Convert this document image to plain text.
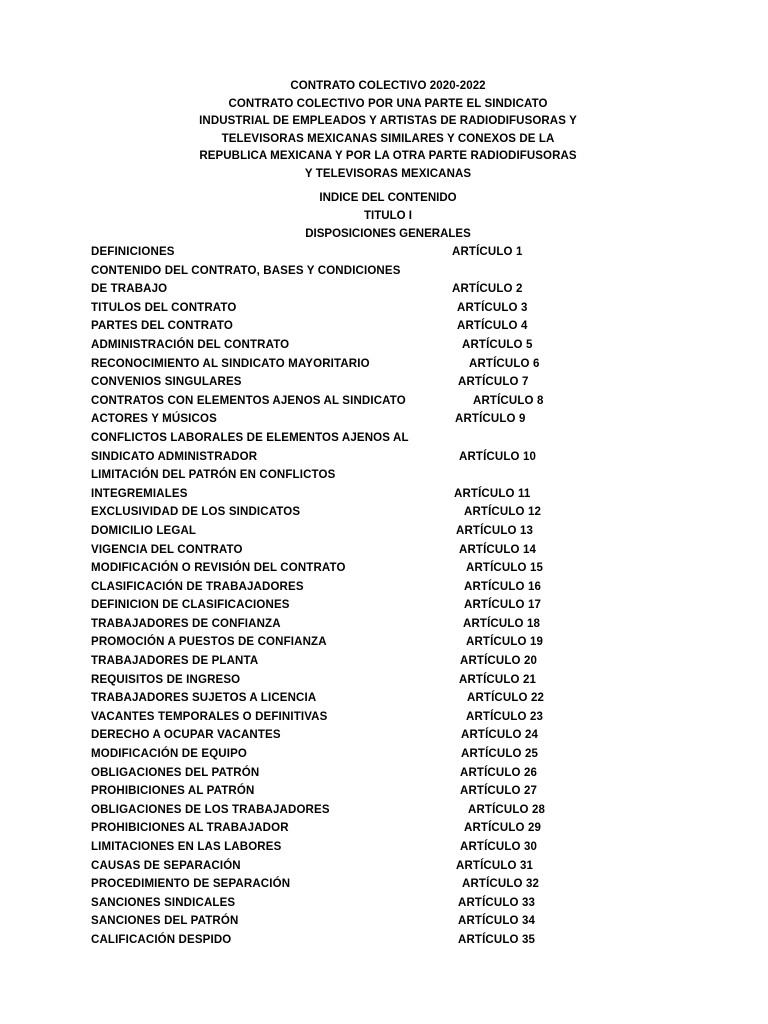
CONTRATO COLECTIVO 2020-2022
CONTRATO COLECTIVO POR UNA PARTE EL SINDICATO
INDUSTRIAL DE EMPLEADOS Y ARTISTAS DE RADIODIFUSORAS Y
TELEVISORAS MEXICANAS SIMILARES Y CONEXOS DE LA
REPUBLICA MEXICANA Y POR LA OTRA PARTE RADIODIFUSORAS
Y TELEVISORAS MEXICANAS
INDICE DEL CONTENIDO
TITULO I
DISPOSICIONES GENERALES
DEFINICIONES	ARTÍCULO 1
CONTENIDO DEL CONTRATO, BASES Y CONDICIONES
DE TRABAJO	ARTÍCULO 2
TITULOS DEL CONTRATO	ARTÍCULO 3
PARTES DEL CONTRATO	ARTÍCULO 4
ADMINISTRACIÓN DEL CONTRATO	ARTÍCULO 5
RECONOCIMIENTO AL SINDICATO MAYORITARIO	ARTÍCULO 6
CONVENIOS SINGULARES	ARTÍCULO 7
CONTRATOS CON ELEMENTOS AJENOS AL SINDICATO	ARTÍCULO 8
ACTORES Y MÚSICOS	ARTÍCULO 9
CONFLICTOS LABORALES DE ELEMENTOS AJENOS AL
SINDICATO ADMINISTRADOR	ARTÍCULO 10
LIMITACIÓN DEL PATRÓN EN CONFLICTOS
INTEGREMIALES	ARTÍCULO 11
EXCLUSIVIDAD DE LOS SINDICATOS	ARTÍCULO 12
DOMICILIO LEGAL	ARTÍCULO 13
VIGENCIA DEL CONTRATO	ARTÍCULO 14
MODIFICACIÓN O REVISIÓN DEL CONTRATO	ARTÍCULO 15
CLASIFICACIÓN DE TRABAJADORES	ARTÍCULO 16
DEFINICION DE CLASIFICACIONES	ARTÍCULO 17
TRABAJADORES DE CONFIANZA	ARTÍCULO 18
PROMOCIÓN A PUESTOS DE CONFIANZA	ARTÍCULO 19
TRABAJADORES DE PLANTA	ARTÍCULO 20
REQUISITOS DE INGRESO	ARTÍCULO 21
TRABAJADORES SUJETOS A LICENCIA	ARTÍCULO 22
VACANTES TEMPORALES O DEFINITIVAS	ARTÍCULO 23
DERECHO A OCUPAR VACANTES	ARTÍCULO 24
MODIFICACIÓN DE EQUIPO	ARTÍCULO 25
OBLIGACIONES DEL PATRÓN	ARTÍCULO 26
PROHIBICIONES AL PATRÓN	ARTÍCULO 27
OBLIGACIONES DE LOS TRABAJADORES	ARTÍCULO 28
PROHIBICIONES AL TRABAJADOR	ARTÍCULO 29
LIMITACIONES EN LAS LABORES	ARTÍCULO 30
CAUSAS DE SEPARACIÓN	ARTÍCULO 31
PROCEDIMIENTO DE SEPARACIÓN	ARTÍCULO 32
SANCIONES SINDICALES	ARTÍCULO 33
SANCIONES DEL PATRÓN	ARTÍCULO 34
CALIFICACIÓN DESPIDO	ARTÍCULO 35
